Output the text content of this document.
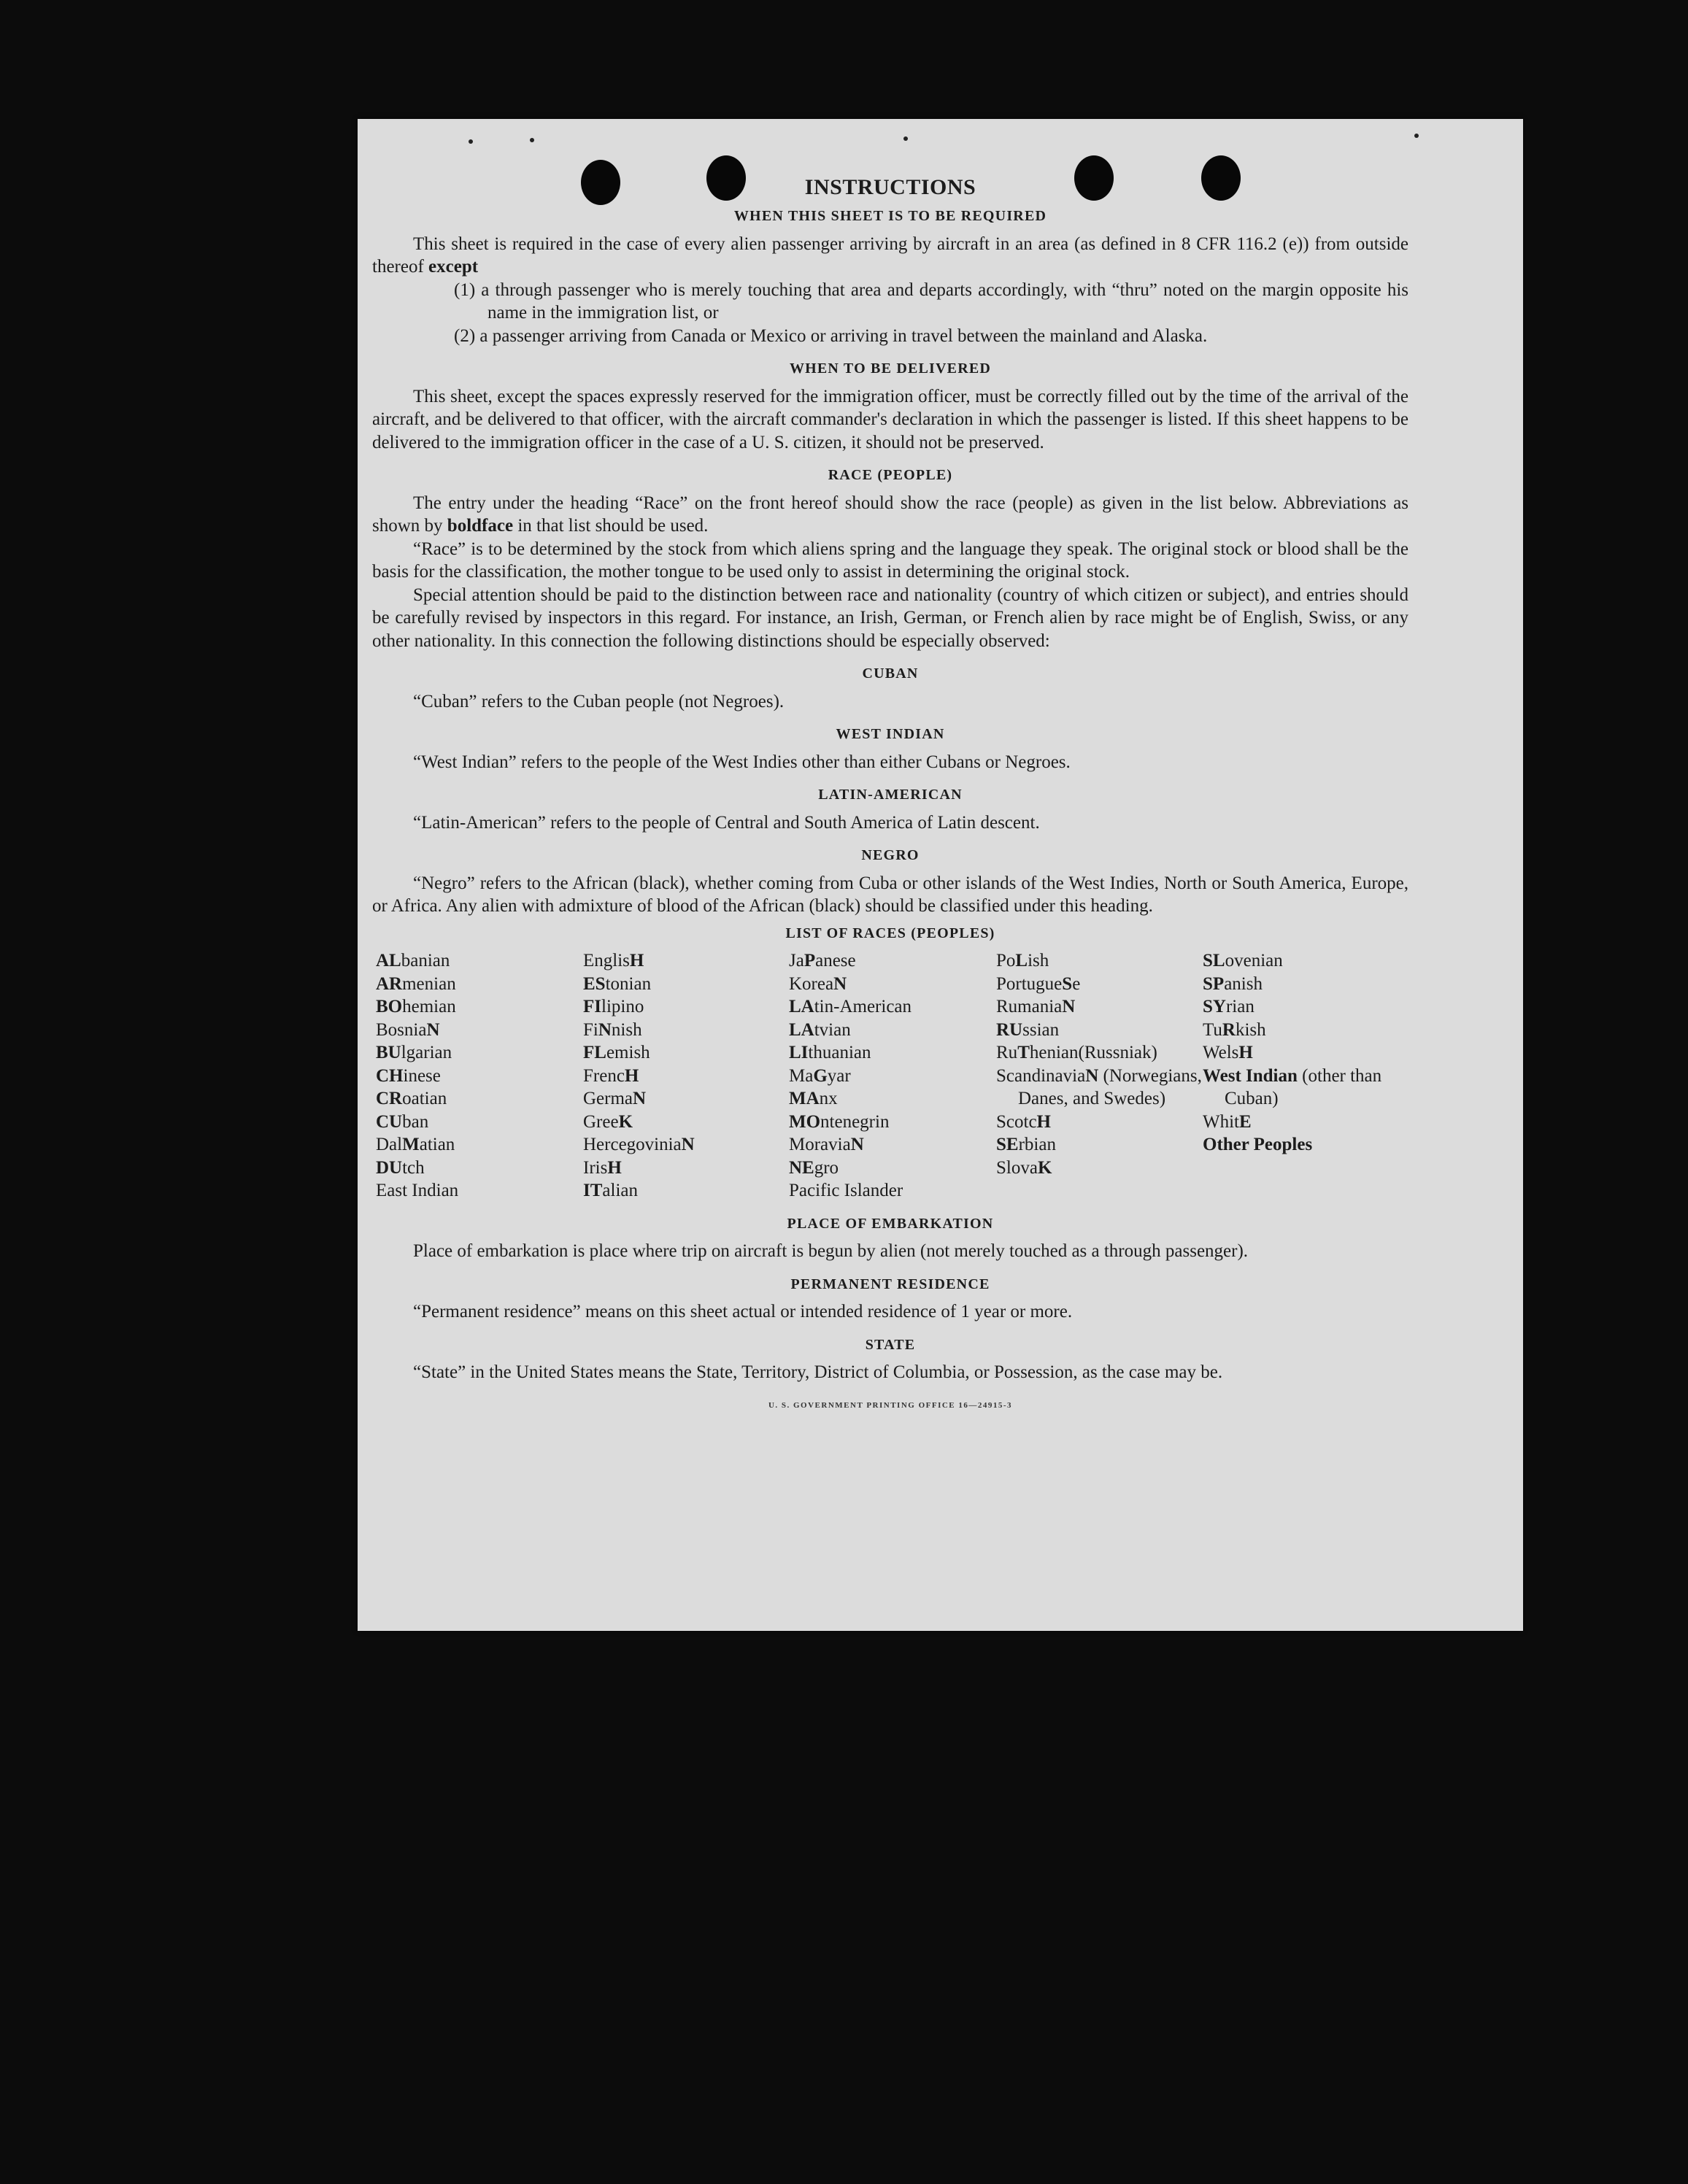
INSTRUCTIONS
WHEN THIS SHEET IS TO BE REQUIRED

This sheet is required in the case of every alien passenger arriving by aircraft in an area (as defined in 8 CFR 116.2 (e)) from outside thereof except

(1) a through passenger who is merely touching that area and departs accordingly, with “thru” noted on the margin opposite his name in the immigration list, or

(2) a passenger arriving from Canada or Mexico or arriving in travel between the mainland and Alaska.

WHEN TO BE DELIVERED

This sheet, except the spaces expressly reserved for the immigration officer, must be correctly filled out by the time of the arrival of the aircraft, and be delivered to that officer, with the aircraft commander's declaration in which the passenger is listed. If this sheet happens to be delivered to the immigration officer in the case of a U. S. citizen, it should not be preserved.

RACE (PEOPLE)

The entry under the heading “Race” on the front hereof should show the race (people) as given in the list below. Abbreviations as shown by boldface in that list should be used.

“Race” is to be determined by the stock from which aliens spring and the language they speak. The original stock or blood shall be the basis for the classification, the mother tongue to be used only to assist in determining the original stock.

Special attention should be paid to the distinction between race and nationality (country of which citizen or subject), and entries should be carefully revised by inspectors in this regard. For instance, an Irish, German, or French alien by race might be of English, Swiss, or any other nationality. In this connection the following distinctions should be especially observed:

CUBAN

“Cuban” refers to the Cuban people (not Negroes).

WEST INDIAN

“West Indian” refers to the people of the West Indies other than either Cubans or Negroes.

LATIN-AMERICAN

“Latin-American” refers to the people of Central and South America of Latin descent.

NEGRO

“Negro” refers to the African (black), whether coming from Cuba or other islands of the West Indies, North or South America, Europe, or Africa. Any alien with admixture of blood of the African (black) should be classified under this heading.

LIST OF RACES (PEOPLES)
ALbanian
ARmenian
BOhemian
BosniaN
BUlgarian
CHinese
CRoatian
CUban
DalMatian
DUtch
East Indian
EnglisH
EStonian
FIlipino
FiNnish
FLemish
FrencH
GermaN
GreeK
HercegoviniaN
IrisH
ITalian
JaPanese
KoreaN
LAtin-American
LAtvian
LIthuanian
MaGyar
MAnx
MOntenegrin
MoraviaN
NEgro
Pacific Islander
PoLish
PortugueSe
RumaniaN
RUssian
RuThenian(Russniak)
ScandinaviaN (Norwegians, Danes, and Swedes)
ScotcH
SErbian
SlovaK
SLovenian
SPanish
SYrian
TuRkish
WelsH
West Indian (other than Cuban)
WhitE
Other Peoples
PLACE OF EMBARKATION

Place of embarkation is place where trip on aircraft is begun by alien (not merely touched as a through passenger).

PERMANENT RESIDENCE

“Permanent residence” means on this sheet actual or intended residence of 1 year or more.

STATE

“State” in the United States means the State, Territory, District of Columbia, or Possession, as the case may be.

U. S. GOVERNMENT PRINTING OFFICE 16—24915-3
